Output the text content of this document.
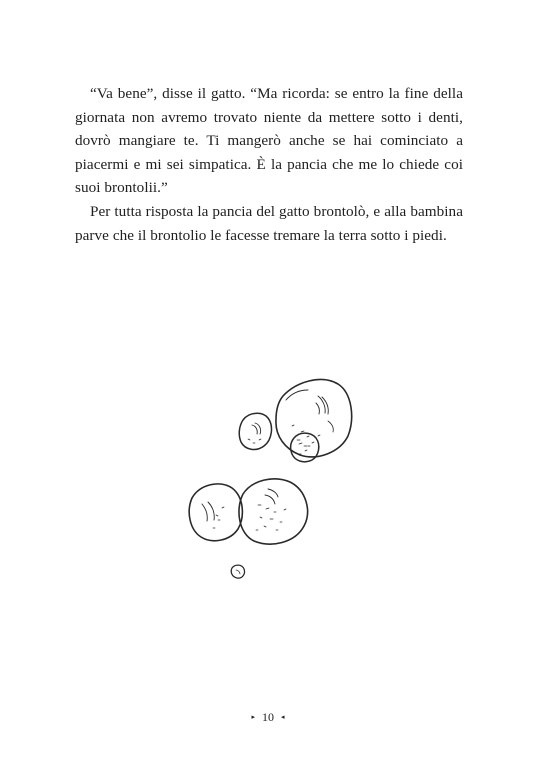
“Va bene”, disse il gatto. “Ma ricorda: se entro la fine della giornata non avremo trovato niente da mettere sotto i denti, dovrò mangiare te. Ti mangerò anche se hai cominciato a piacermi e mi sei simpatica. È la pancia che me lo chiede coi suoi brontolii.”

Per tutta risposta la pancia del gatto brontolò, e alla bambina parve che il brontolio le facesse tremare la terra sotto i piedi.

▸ 10 ◂
